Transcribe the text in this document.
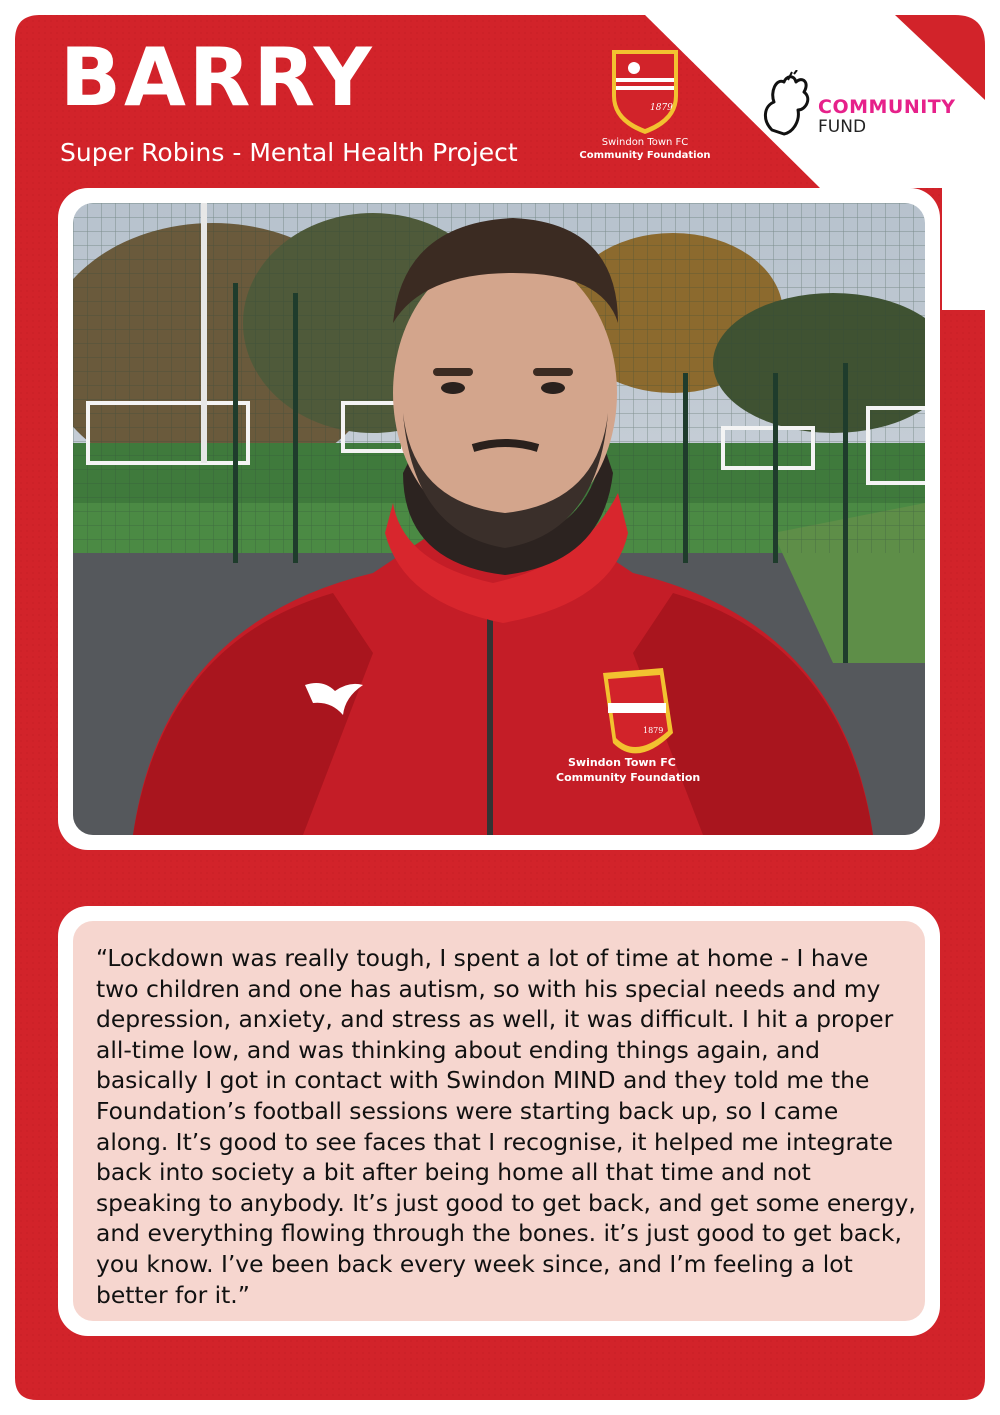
BARRY
Super Robins - Mental Health Project
1879
Swindon Town FC
Community Foundation
COMMUNITY
FUND
1879
Swindon Town FC
Community Foundation

“Lockdown was really tough, I spent a lot of time at home - I have two children and one has autism, so with his special needs and my depression, anxiety, and stress as well, it was difficult. I hit a proper all-time low, and was thinking about ending things again, and basically I got in contact with Swindon MIND and they told me the Foundation’s football sessions were starting back up, so I came along. It’s good to see faces that I recognise, it helped me integrate back into society a bit after being home all that time and not speaking to anybody. It’s just good to get back, and get some energy, and everything flowing through the bones. it’s just good to get back, you know. I’ve been back every week since, and I’m feeling a lot better for it.”
